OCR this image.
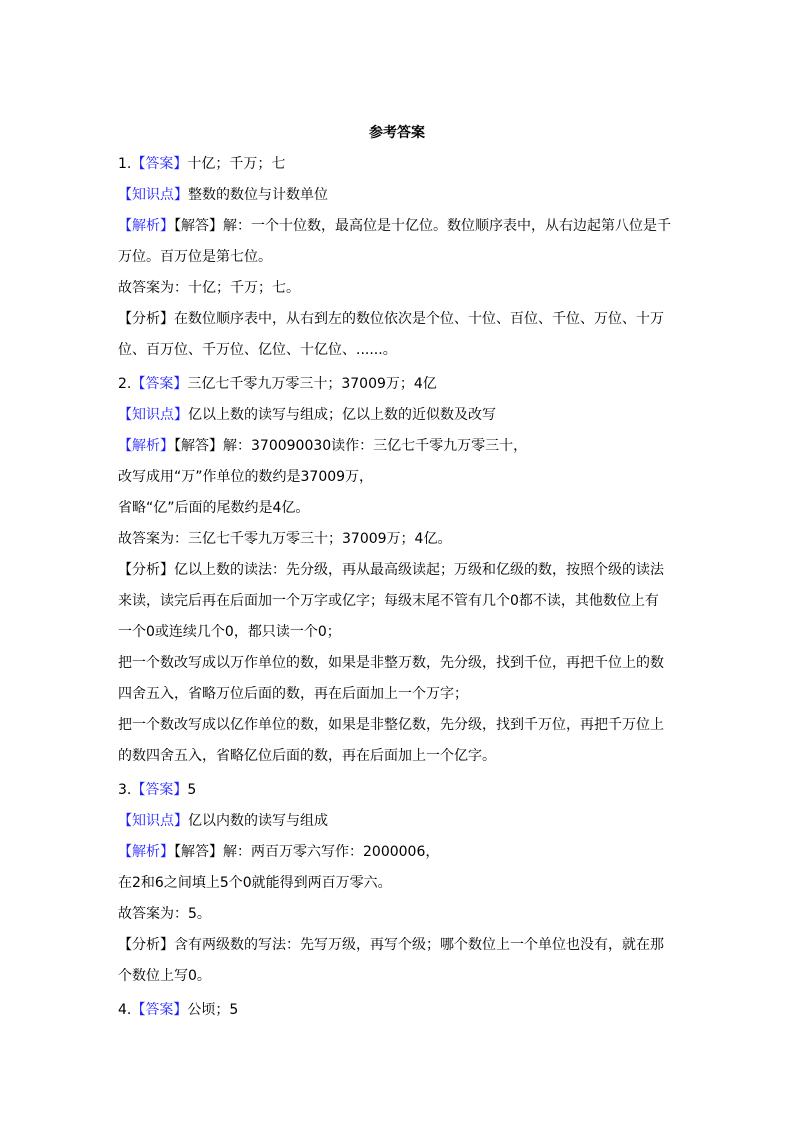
参考答案
1.【答案】十亿；千万；七
【知识点】整数的数位与计数单位
【解析】【解答】解：一个十位数，最高位是十亿位。数位顺序表中，从右边起第八位是千
万位。百万位是第七位。
故答案为：十亿；千万；七。
【分析】在数位顺序表中，从右到左的数位依次是个位、十位、百位、千位、万位、十万
位、百万位、千万位、亿位、十亿位、......。
2.【答案】三亿七千零九万零三十；37009万；4亿
【知识点】亿以上数的读写与组成；亿以上数的近似数及改写
【解析】【解答】解：370090030读作：三亿七千零九万零三十，
改写成用“万”作单位的数约是37009万，
省略“亿”后面的尾数约是4亿。
故答案为：三亿七千零九万零三十；37009万；4亿。
【分析】亿以上数的读法：先分级，再从最高级读起；万级和亿级的数，按照个级的读法
来读，读完后再在后面加一个万字或亿字；每级末尾不管有几个0都不读，其他数位上有
一个0或连续几个0，都只读一个0；
把一个数改写成以万作单位的数，如果是非整万数，先分级，找到千位，再把千位上的数
四舍五入，省略万位后面的数，再在后面加上一个万字；
把一个数改写成以亿作单位的数，如果是非整亿数，先分级，找到千万位，再把千万位上
的数四舍五入，省略亿位后面的数，再在后面加上一个亿字。
3.【答案】5
【知识点】亿以内数的读写与组成
【解析】【解答】解：两百万零六写作：2000006，
在2和6之间填上5个0就能得到两百万零六。
故答案为：5。
【分析】含有两级数的写法：先写万级，再写个级；哪个数位上一个单位也没有，就在那
个数位上写0。
4.【答案】公顷；5
